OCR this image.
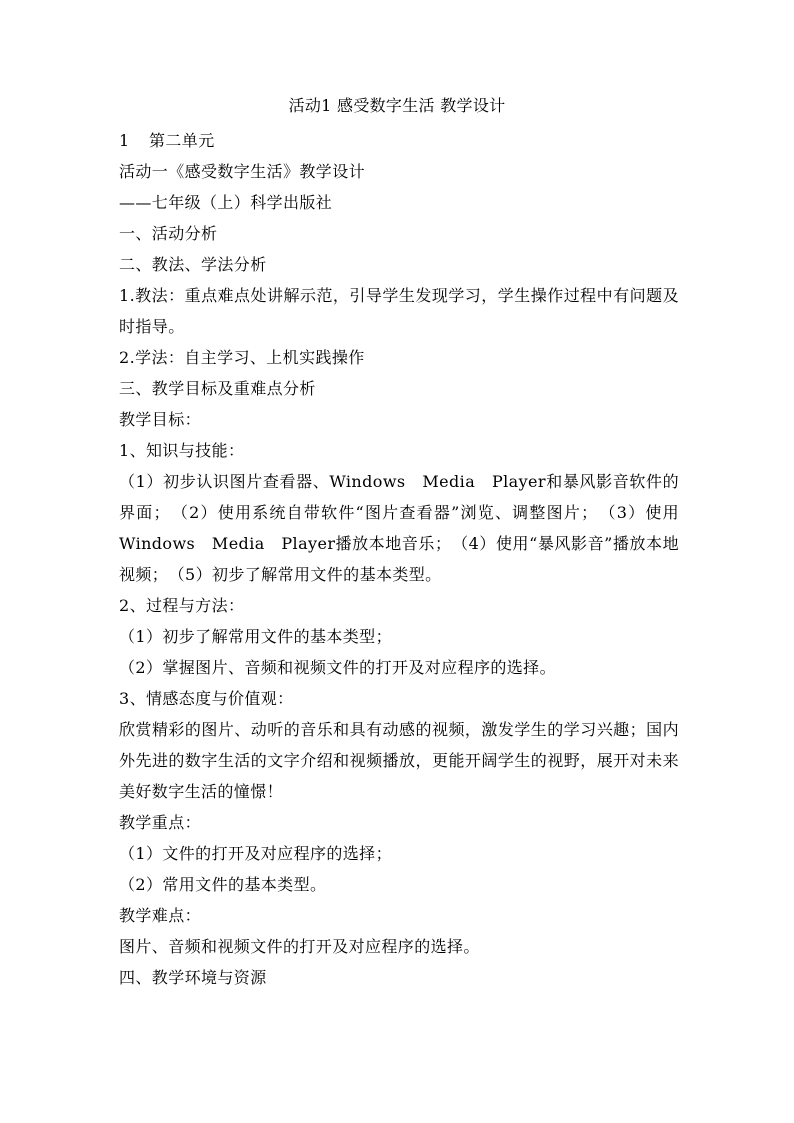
活动1 感受数字生活 教学设计
1 第二单元
活动一《感受数字生活》教学设计
——七年级（上）科学出版社
一、活动分析
二、教法、学法分析
1.教法：重点难点处讲解示范，引导学生发现学习，学生操作过程中有问题及时指导。
2.学法：自主学习、上机实践操作
三、教学目标及重难点分析
教学目标：
1、知识与技能：
（1）初步认识图片查看器、Windows　Media　Player和暴风影音软件的界面；　（2）使用系统自带软件“图片查看器”浏览、调整图片；　（3）使用Windows　Media　Player播放本地音乐；　（4）使用“暴风影音”播放本地视频；　（5）初步了解常用文件的基本类型。
2、过程与方法：
（1）初步了解常用文件的基本类型；
（2）掌握图片、音频和视频文件的打开及对应程序的选择。
3、情感态度与价值观：
欣赏精彩的图片、动听的音乐和具有动感的视频，激发学生的学习兴趣；国内外先进的数字生活的文字介绍和视频播放，更能开阔学生的视野，展开对未来美好数字生活的憧憬！
教学重点：
（1）文件的打开及对应程序的选择；
（2）常用文件的基本类型。
教学难点：
图片、音频和视频文件的打开及对应程序的选择。
四、教学环境与资源
